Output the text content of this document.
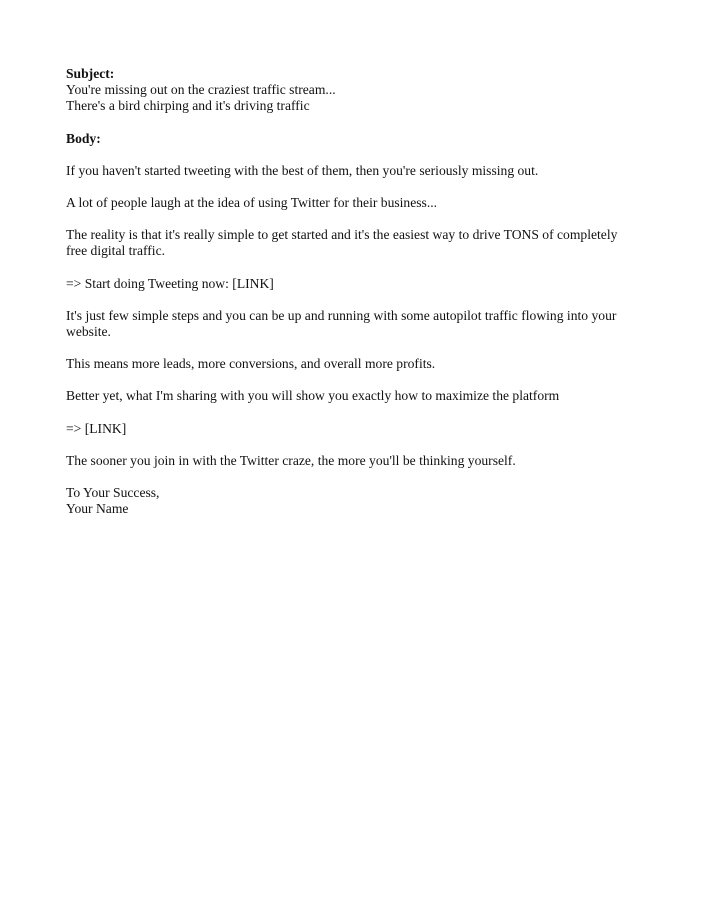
Subject:
You're missing out on the craziest traffic stream...
There's a bird chirping and it's driving traffic

Body:

If you haven't started tweeting with the best of them, then you're seriously missing out.

A lot of people laugh at the idea of using Twitter for their business...

The reality is that it's really simple to get started and it's the easiest way to drive TONS of completely
free digital traffic.

=> Start doing Tweeting now: [LINK]

It's just few simple steps and you can be up and running with some autopilot traffic flowing into your
website.

This means more leads, more conversions, and overall more profits.

Better yet, what I'm sharing with you will show you exactly how to maximize the platform

=> [LINK]

The sooner you join in with the Twitter craze, the more you'll be thinking yourself.

To Your Success,
Your Name
